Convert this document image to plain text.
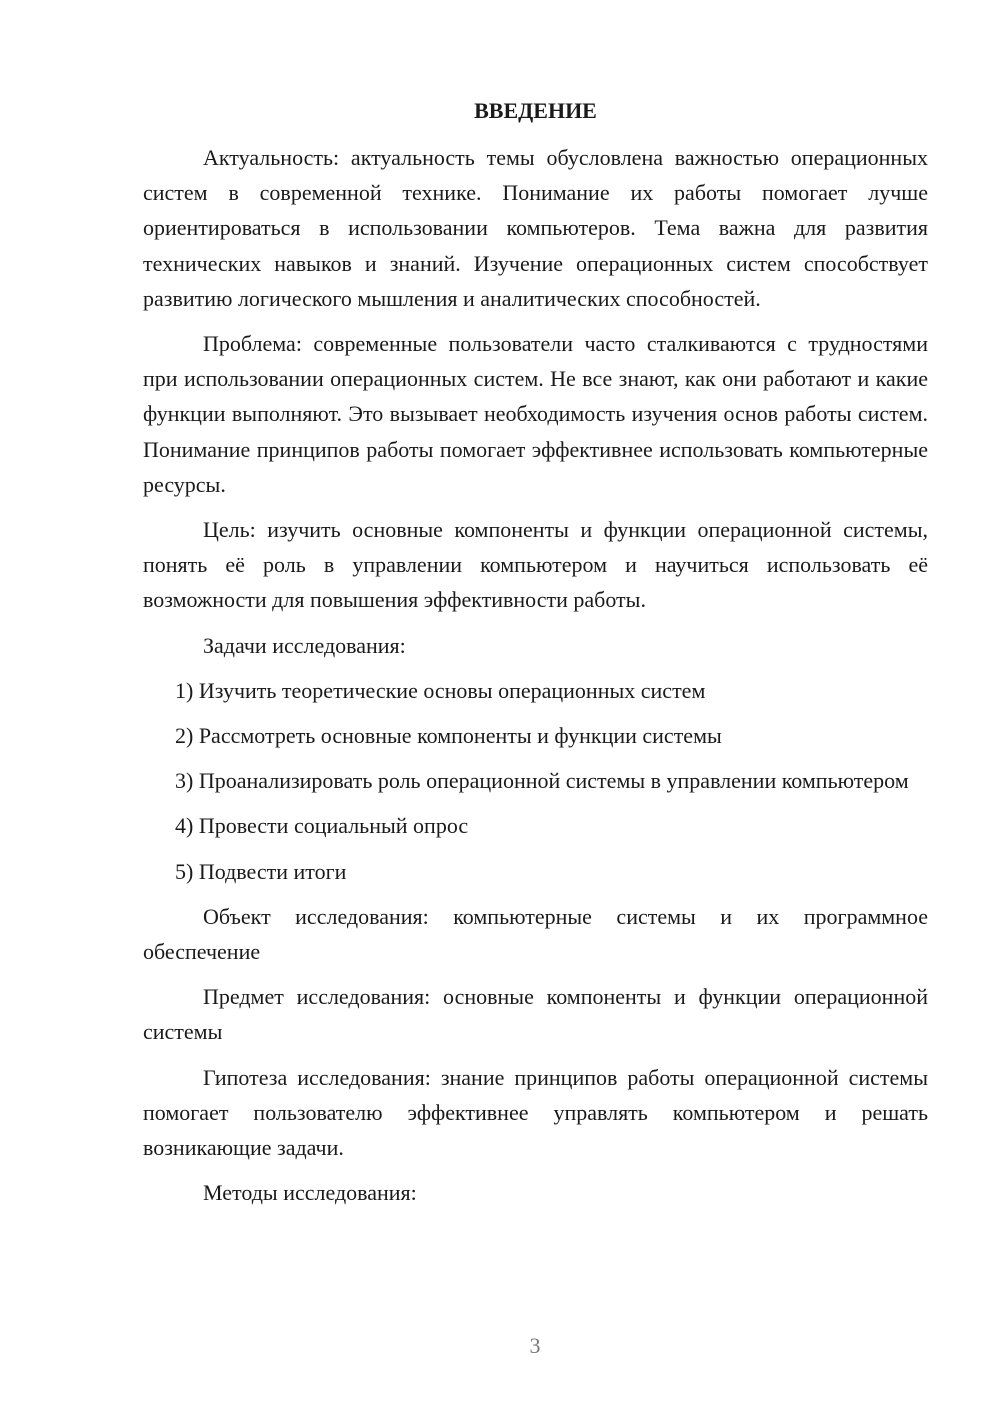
ВВЕДЕНИЕ

Актуальность: актуальность темы обусловлена важностью операционных систем в современной технике. Понимание их работы помогает лучше ориентироваться в использовании компьютеров. Тема важна для развития технических навыков и знаний. Изучение операционных систем способствует развитию логического мышления и аналитических способностей.

Проблема: современные пользователи часто сталкиваются с трудностями при использовании операционных систем. Не все знают, как они работают и какие функции выполняют. Это вызывает необходимость изучения основ работы систем. Понимание принципов работы помогает эффективнее использовать компьютерные ресурсы.

Цель: изучить основные компоненты и функции операционной системы, понять её роль в управлении компьютером и научиться использовать её возможности для повышения эффективности работы.

Задачи исследования:

1) Изучить теоретические основы операционных систем

2) Рассмотреть основные компоненты и функции системы

3) Проанализировать роль операционной системы в управлении компьютером

4) Провести социальный опрос

5) Подвести итоги

Объект исследования: компьютерные системы и их программное обеспечение

Предмет исследования: основные компоненты и функции операционной системы

Гипотеза исследования: знание принципов работы операционной системы помогает пользователю эффективнее управлять компьютером и решать возникающие задачи.

Методы исследования:

3
